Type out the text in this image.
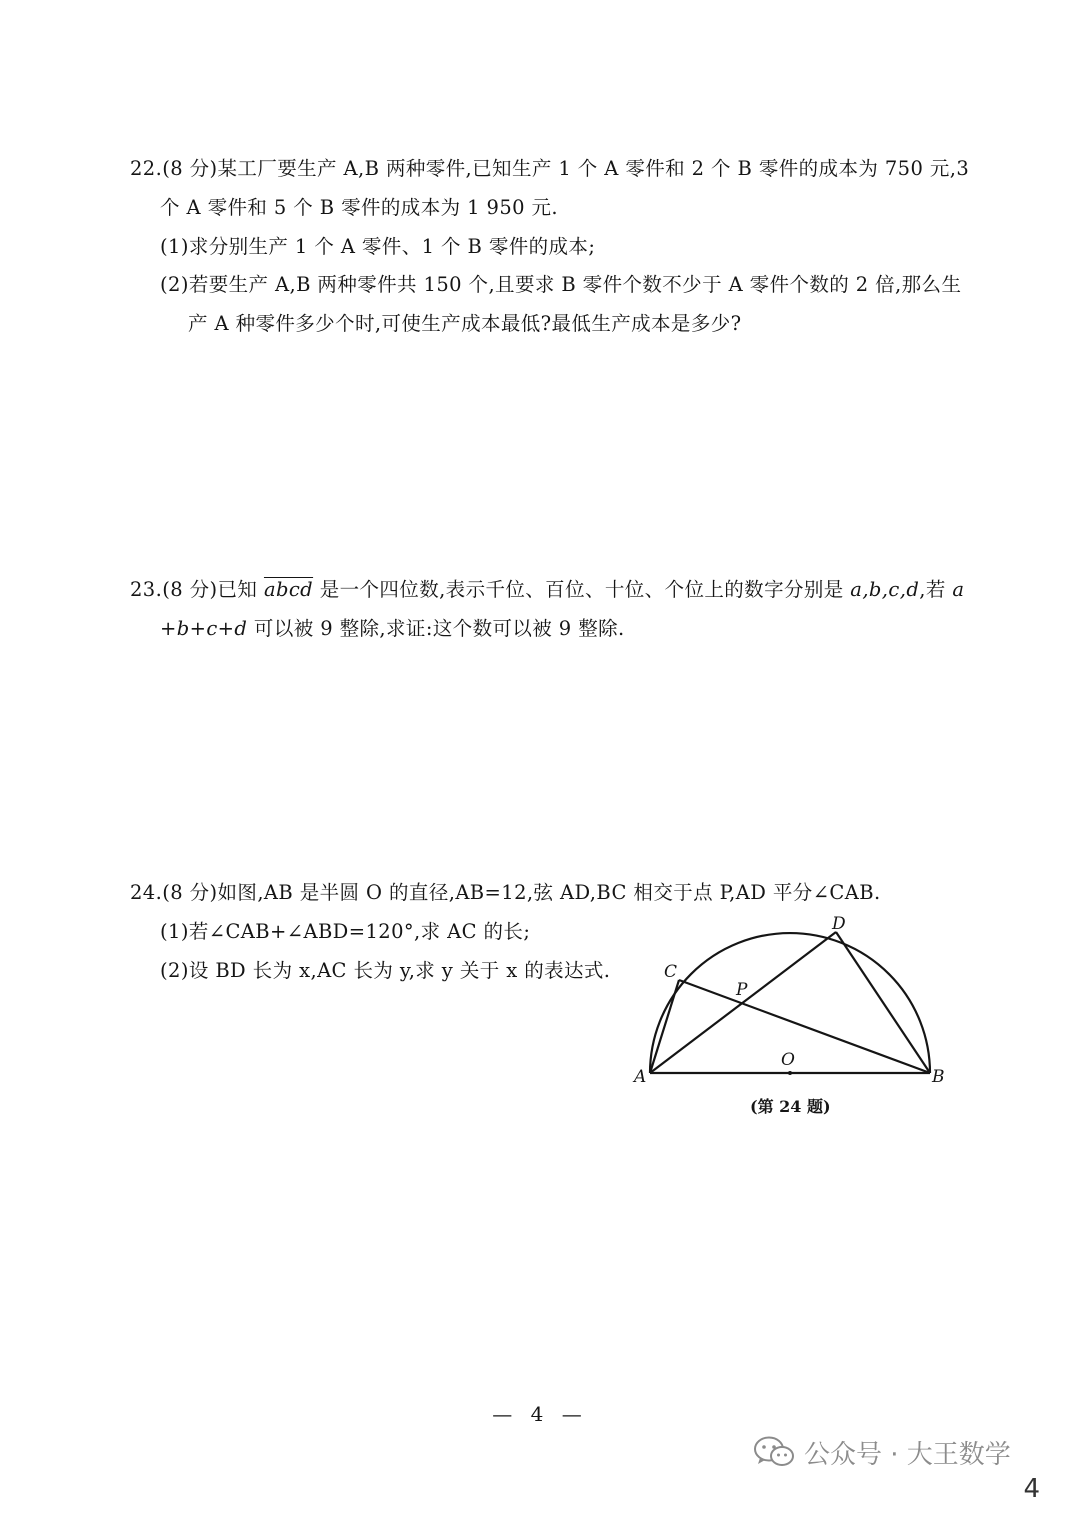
22.(8 分)某工厂要生产 A,B 两种零件,已知生产 1 个 A 零件和 2 个 B 零件的成本为 750 元,3
个 A 零件和 5 个 B 零件的成本为 1 950 元.
(1)求分别生产 1 个 A 零件、1 个 B 零件的成本;
(2)若要生产 A,B 两种零件共 150 个,且要求 B 零件个数不少于 A 零件个数的 2 倍,那么生
产 A 种零件多少个时,可使生产成本最低?最低生产成本是多少?
23.(8 分)已知 abcd 是一个四位数,表示千位、百位、十位、个位上的数字分别是 a,b,c,d,若 a
+b+c+d 可以被 9 整除,求证:这个数可以被 9 整除.
24.(8 分)如图,AB 是半圆 O 的直径,AB=12,弦 AD,BC 相交于点 P,AD 平分∠CAB.
(1)若∠CAB+∠ABD=120°,求 AC 的长;
(2)设 BD 长为 x,AC 长为 y,求 y 关于 x 的表达式.
A	B
C
D
O
P
(第 24 题)
— 4 —
公众号 · 大王数学
4
